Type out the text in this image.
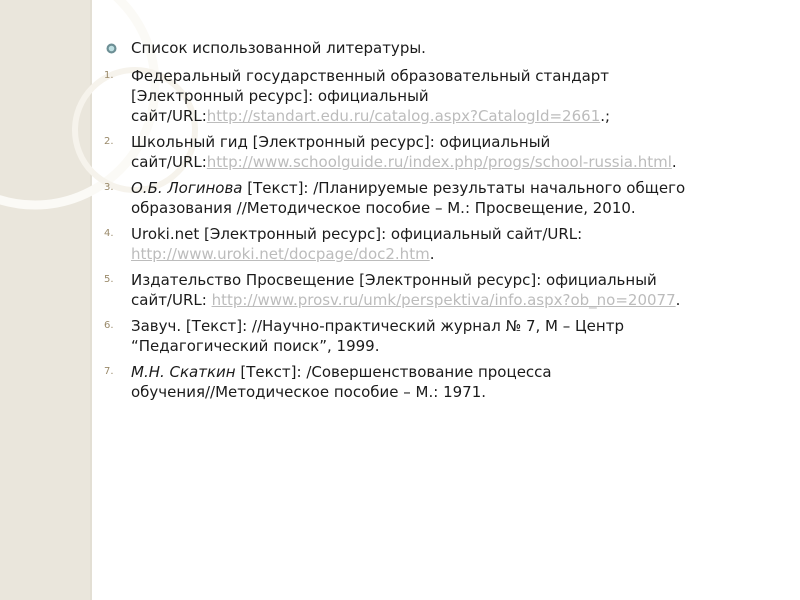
Список использованной литературы.
1.	Федеральный государственный образовательный стандарт
[Электронный ресурс]: официальный
сайт/URL:http://standart.edu.ru/catalog.aspx?CatalogId=2661.;
2.	Школьный гид [Электронный ресурс]: официальный
сайт/URL:http://www.schoolguide.ru/index.php/progs/school-russia.html.
3.	О.Б. Логинова [Текст]: /Планируемые результаты начального общего
образования //Методическое пособие – М.: Просвещение, 2010.
4.	Uroki.net [Электронный ресурс]: официальный сайт/URL:
http://www.uroki.net/docpage/doc2.htm.
5.	Издательство Просвещение [Электронный ресурс]: официальный
сайт/URL: http://www.prosv.ru/umk/perspektiva/info.aspx?ob_no=20077.
6.	Завуч. [Текст]: //Научно-практический журнал № 7, М – Центр
“Педагогический поиск”, 1999.
7.	М.Н. Скаткин [Текст]: /Совершенствование процесса
обучения//Методическое пособие – М.: 1971.
